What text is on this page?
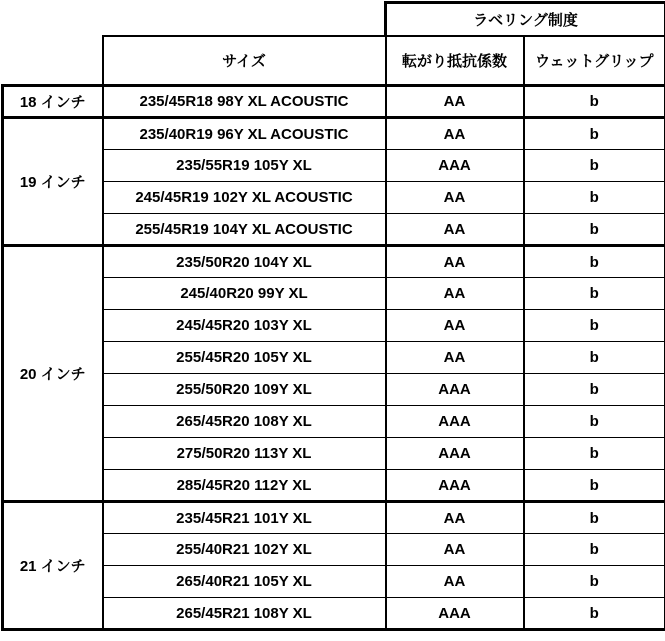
		ラベリング制度	
	サイズ	転がり抵抗係数	ウェットグリップ
18 インチ	235/45R18 98Y XL ACOUSTIC	AA	b
19 インチ	235/40R19 96Y XL ACOUSTIC	AA	b
	235/55R19 105Y XL	AAA	b
	245/45R19 102Y XL ACOUSTIC	AA	b
	255/45R19 104Y XL ACOUSTIC	AA	b
20 インチ	235/50R20 104Y XL	AA	b
	245/40R20 99Y XL	AA	b
	245/45R20 103Y XL	AA	b
	255/45R20 105Y XL	AA	b
	255/50R20 109Y XL	AAA	b
	265/45R20 108Y XL	AAA	b
	275/50R20 113Y XL	AAA	b
	285/45R20 112Y XL	AAA	b
21 インチ	235/45R21 101Y XL	AA	b
	255/40R21 102Y XL	AA	b
	265/40R21 105Y XL	AA	b
	265/45R21 108Y XL	AAA	b
